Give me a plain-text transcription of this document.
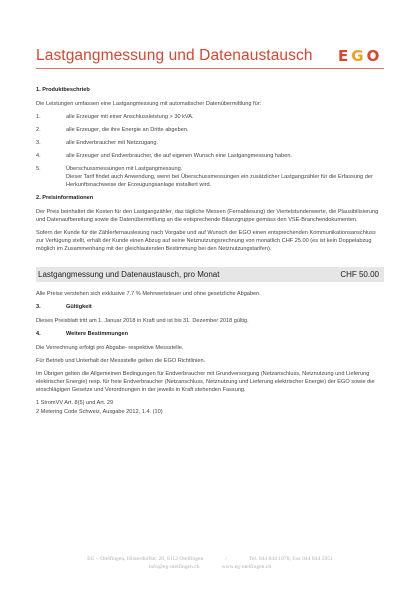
Lastgangmessung und Datenaustausch EGO
1. Produktbeschrieb

Die Leistungen umfassen eine Lastgangmessung mit automatischer Datenübermittlung für:

1.	alle Erzeuger mit einer Anschlussleistung > 30 kVA.
2.	alle Erzeuger, die ihre Energie an Dritte abgeben.
3.	alle Endverbraucher mit Netzzugang.
4.	alle Erzeuger und Endverbraucher, die auf eigenen Wunsch eine Lastgangmessung haben.
5.	Überschussmessungen mit Lastgangmessung.
Dieser Tarif findet auch Anwendung, wenn bei Überschussmessungen ein zusätzlicher Lastgangzähler für die Erfassung der Herkunftsnachweise der Erzeugungsanlage installiert wird.
2. Preisinformationen

Der Preis beinhaltet die Kosten für den Lastgangzähler, das tägliche Messen (Fernablesung) der Viertelstundenwerte, die Plausibilisierung und Datenaufbereitung sowie die Datenübermittlung an die entsprechende Bilanzgruppe gemäss den VSE-Branchendokumenten.

Sofern der Kunde für die Zählerfernauslesung nach Vorgabe und auf Wunsch der EGO einen entsprechenden Kommunikationsanschluss zur Verfügung stellt, erhält der Kunde einen Abzug auf seine Netznutzungsrechnung von monatlich CHF 25.00 (es ist kein Doppelabzug möglich im Zusammenhang mit der gleichlautenden Bestimmung bei den Netznutzungstarifen).

Lastgangmessung und Datenaustausch, pro Monat	CHF 50.00

Alle Preise verstehen sich exklusive 7.7 % Mehrwertsteuer und ohne gesetzliche Abgaben.

3.	Gültigkeit

Dieses Preisblatt tritt am 1. Januar 2018 in Kraft und ist bis 31. Dezember 2018 gültig.

4.	Weitere Bestimmungen

Die Verrechnung erfolgt pro Abgabe- respektive Messstelle.

Für Betrieb und Unterhalt der Messstelle gelten die EGO Richtlinien.

Im Übrigen gelten die Allgemeinen Bedingungen für Endverbraucher mit Grundversorgung (Netzanschluss, Netznutzung und Lieferung elektrischer Energie) resp. für freie Endverbraucher (Netzanschluss, Netznutzung und Lieferung elektrischer Energie) der EGO sowie die einschlägigen Gesetze und Verordnungen in der jeweils in Kraft stehenden Fassung.

1 StromVV Art. 8(5) und Art. 29

2 Metering Code Schweiz, Ausgabe 2012, 1.4. (10)

EG – Otelfingen, Hinterdorfstr. 20, 8112 Otelfingen	/	Tel. 044 844 1878, Fax 044 844 5951
info@eg-otelfingen.ch	www.eg-otelfingen.ch
